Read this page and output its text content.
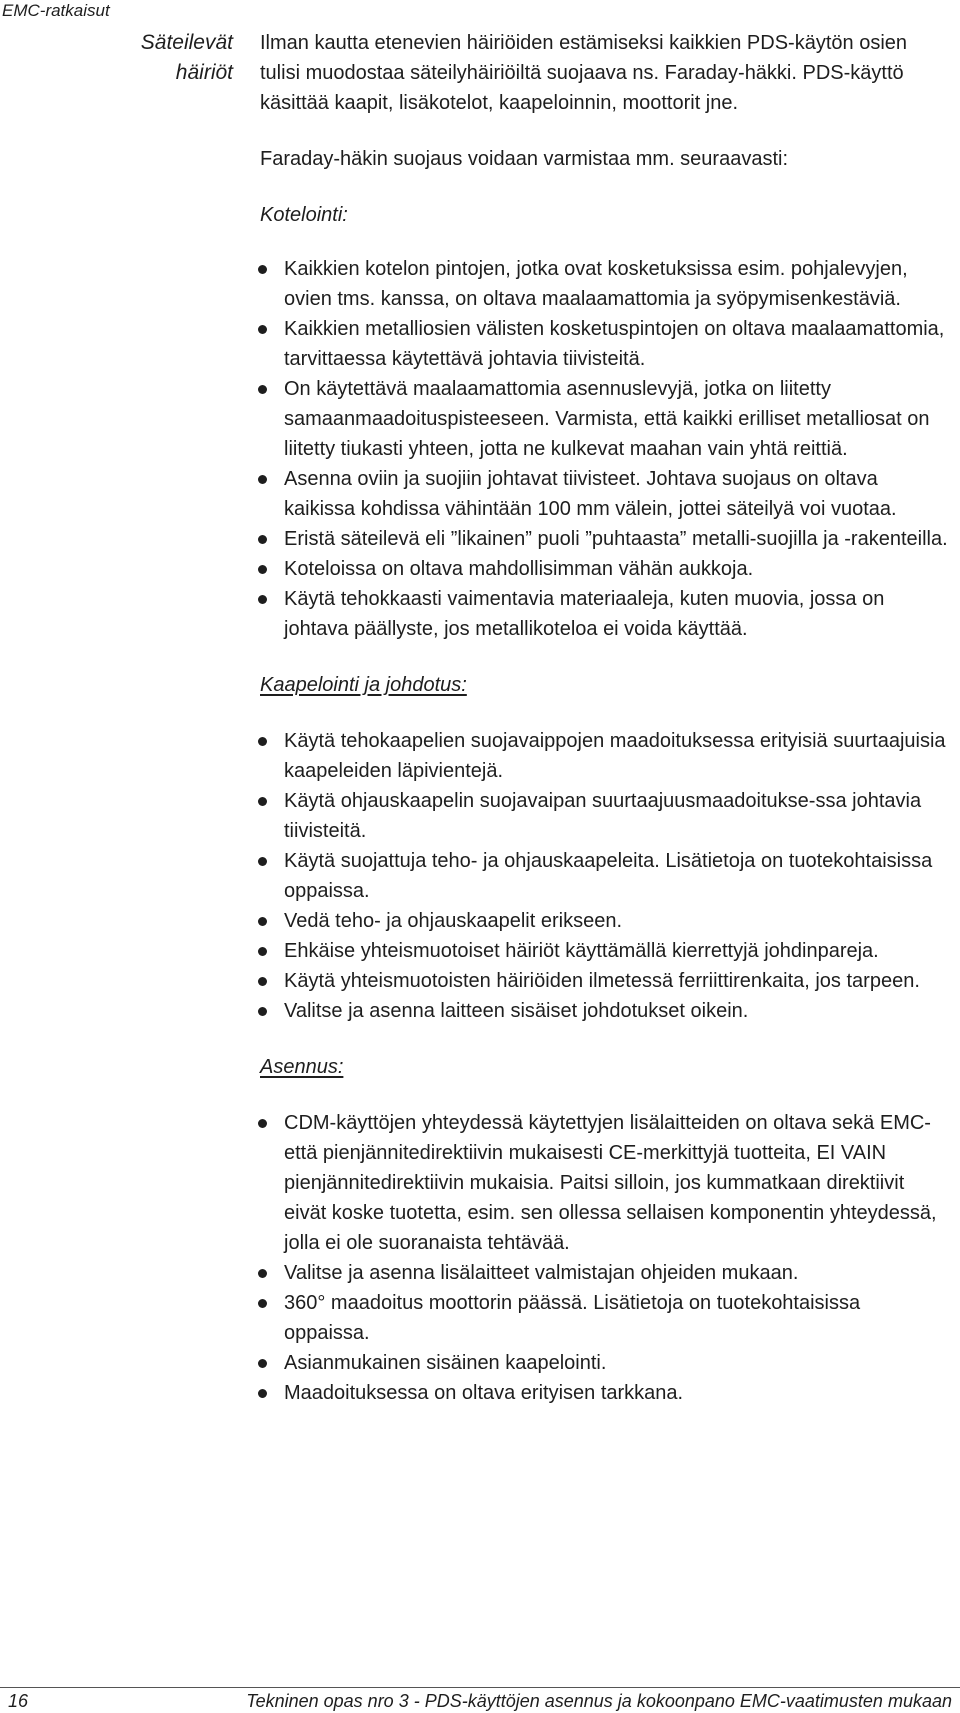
EMC-ratkaisut
Säteilevät
häiriöt

Ilman kautta etenevien häiriöiden estämiseksi kaikkien PDS-käytön osien tulisi muodostaa säteilyhäiriöiltä suojaava ns. Faraday-häkki. PDS-käyttö käsittää kaapit, lisäkotelot, kaapeloinnin, moottorit jne.

Faraday-häkin suojaus voidaan varmistaa mm. seuraavasti:

Kotelointi:

Kaikkien kotelon pintojen, jotka ovat kosketuksissa esim. pohjalevyjen, ovien tms. kanssa, on oltava maalaamattomia ja syöpymisenkestäviä.
Kaikkien metalliosien välisten kosketuspintojen on oltava maalaamattomia, tarvittaessa käytettävä johtavia tiivisteitä.
On käytettävä maalaamattomia asennuslevyjä, jotka on liitetty samaanmaadoituspisteeseen. Varmista, että kaikki erilliset metalliosat on liitetty tiukasti yhteen, jotta ne kulkevat maahan vain yhtä reittiä.
Asenna oviin ja suojiin johtavat tiivisteet. Johtava suojaus on oltava kaikissa kohdissa vähintään 100 mm välein, jottei säteilyä voi vuotaa.
Eristä säteilevä eli ”likainen” puoli ”puhtaasta” metalli-suojilla ja -rakenteilla.
Koteloissa on oltava mahdollisimman vähän aukkoja.
Käytä tehokkaasti vaimentavia materiaaleja, kuten muovia, jossa on johtava päällyste, jos metallikoteloa ei voida käyttää.

Kaapelointi ja johdotus:

Käytä tehokaapelien suojavaippojen maadoituksessa erityisiä suurtaajuisia kaapeleiden läpivientejä.
Käytä ohjauskaapelin suojavaipan suurtaajuusmaadoitukse-ssa johtavia tiivisteitä.
Käytä suojattuja teho- ja ohjauskaapeleita. Lisätietoja on tuotekohtaisissa oppaissa.
Vedä teho- ja ohjauskaapelit erikseen.
Ehkäise yhteismuotoiset häiriöt käyttämällä kierrettyjä johdinpareja.
Käytä yhteismuotoisten häiriöiden ilmetessä ferriittirenkaita, jos tarpeen.
Valitse ja asenna laitteen sisäiset johdotukset oikein.

Asennus:

CDM-käyttöjen yhteydessä käytettyjen lisälaitteiden on oltava sekä EMC- että pienjännitedirektiivin mukaisesti CE-merkittyjä tuotteita, EI VAIN pienjännitedirektiivin mukaisia. Paitsi silloin, jos kummatkaan direktiivit eivät koske tuotetta, esim. sen ollessa sellaisen komponentin yhteydessä, jolla ei ole suoranaista tehtävää.
Valitse ja asenna lisälaitteet valmistajan ohjeiden mukaan.
360° maadoitus moottorin päässä. Lisätietoja on tuotekohtaisissa oppaissa.
Asianmukainen sisäinen kaapelointi.
Maadoituksessa on oltava erityisen tarkkana.
16	Tekninen opas nro 3 - PDS-käyttöjen asennus ja kokoonpano EMC-vaatimusten mukaan
